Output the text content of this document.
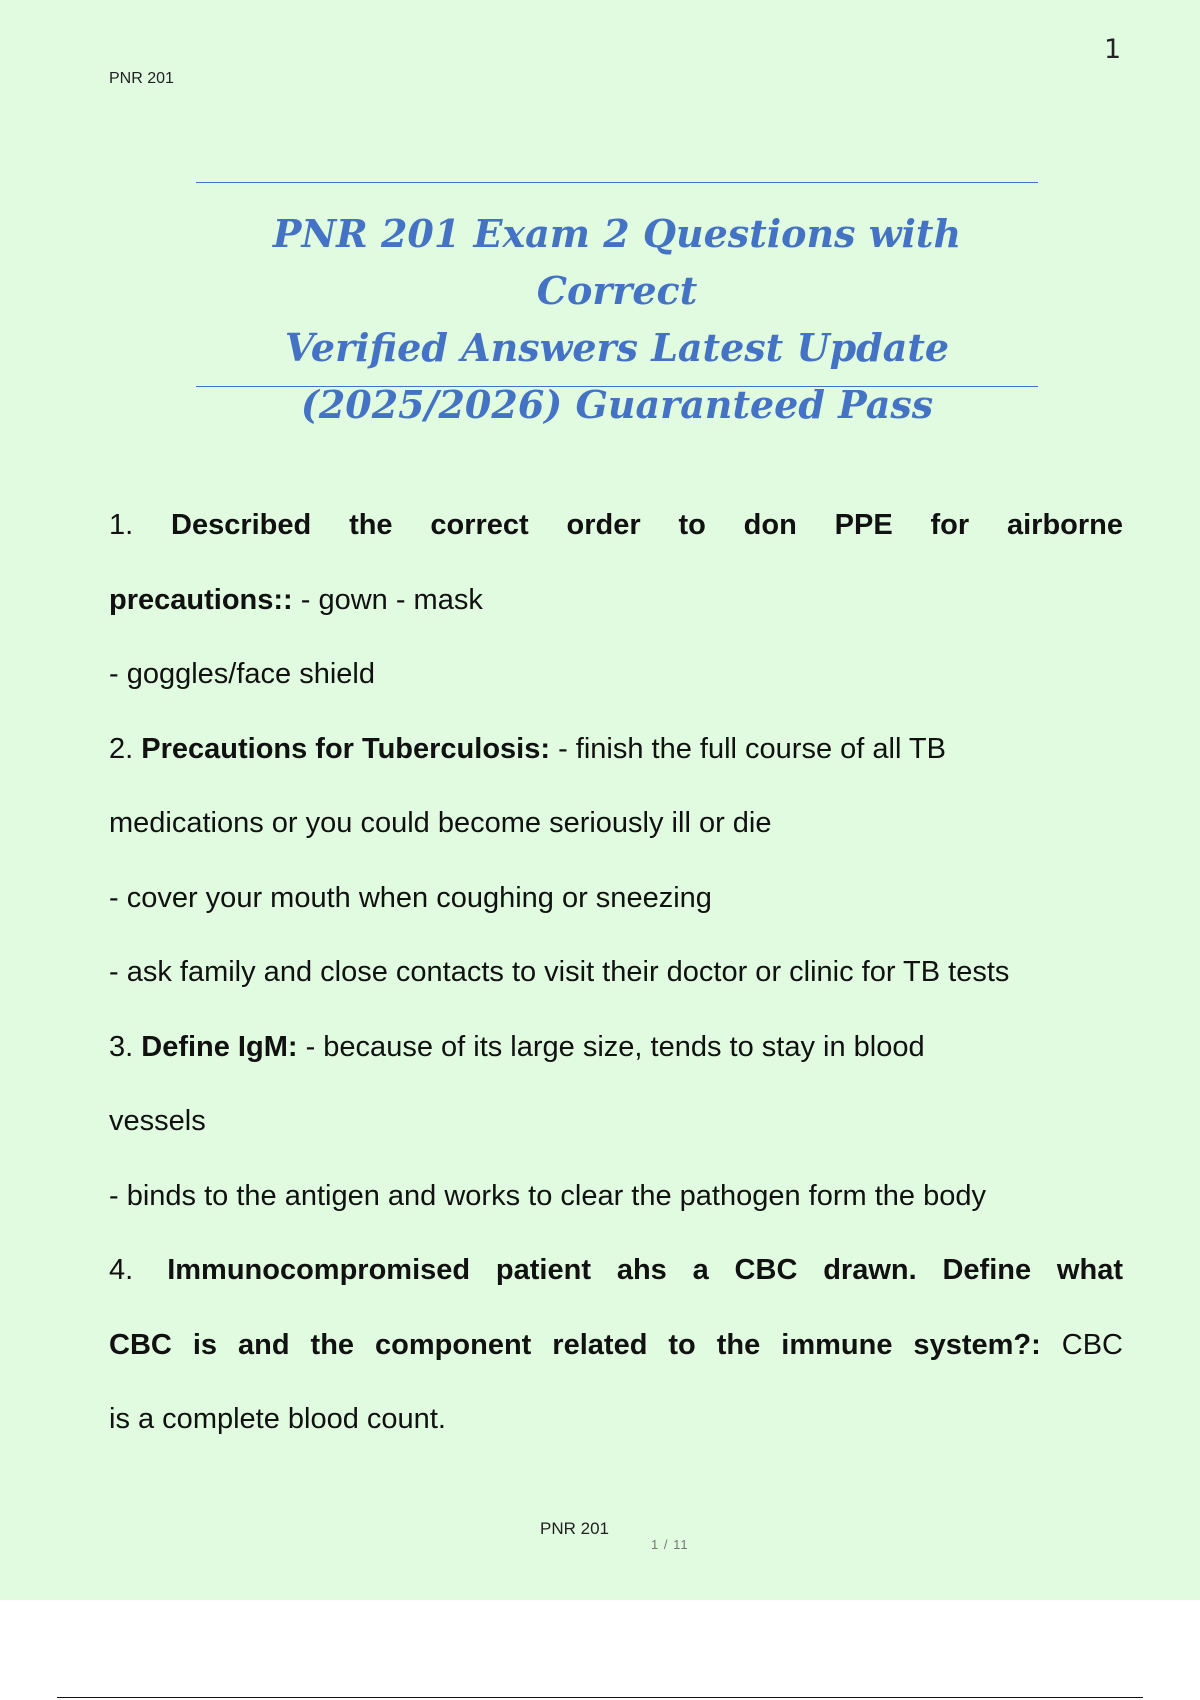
PNR 201
1
PNR 201 Exam 2 Questions with Correct
Verified Answers Latest Update
(2025/2026) Guaranteed Pass

1. Described the correct order to don PPE for airborne

precautions:: - gown - mask

- goggles/face shield

2. Precautions for Tuberculosis: - finish the full course of all TB

medications or you could become seriously ill or die

- cover your mouth when coughing or sneezing

- ask family and close contacts to visit their doctor or clinic for TB tests

3. Define IgM: - because of its large size, tends to stay in blood

vessels

- binds to the antigen and works to clear the pathogen form the body

4. Immunocompromised patient ahs a CBC drawn. Define what

CBC is and the component related to the immune system?: CBC

is a complete blood count.

PNR 201
1 / 11
